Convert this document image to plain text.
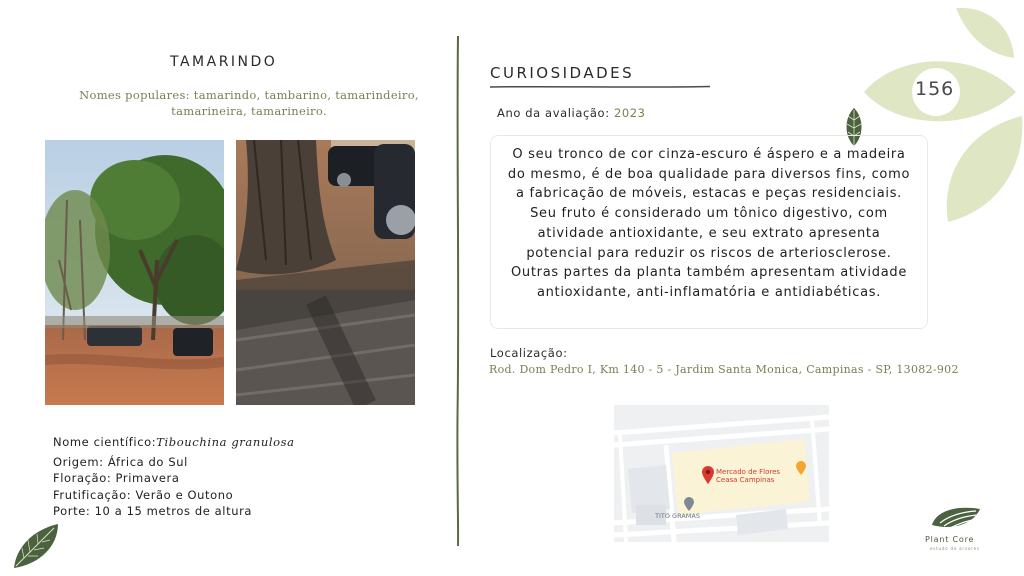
156
TAMARINDO
Nomes populares: tamarindo, tambarino, tamarindeiro, tamarineira, tamarineiro.
Nome científico:Tibouchina granulosa
Origem: África do Sul
Floração: Primavera
Frutificação: Verão e Outono
Porte: 10 a 15 metros de altura
CURIOSIDADES
Ano da avaliação: 2023
O seu tronco de cor cinza-escuro é áspero e a madeira do mesmo, é de boa qualidade para diversos fins, como a fabricação de móveis, estacas e peças residenciais. Seu fruto é considerado um tônico digestivo, com atividade antioxidante, e seu extrato apresenta potencial para reduzir os riscos de arteriosclerose. Outras partes da planta também apresentam atividade antioxidante, anti-inflamatória e antidiabéticas.
Localização:
Rod. Dom Pedro I, Km 140 - 5 - Jardim Santa Monica, Campinas - SP, 13082-902
Mercado de Flores
Ceasa Campinas
TITO GRAMAS
Plant Core
estudo de arvores
